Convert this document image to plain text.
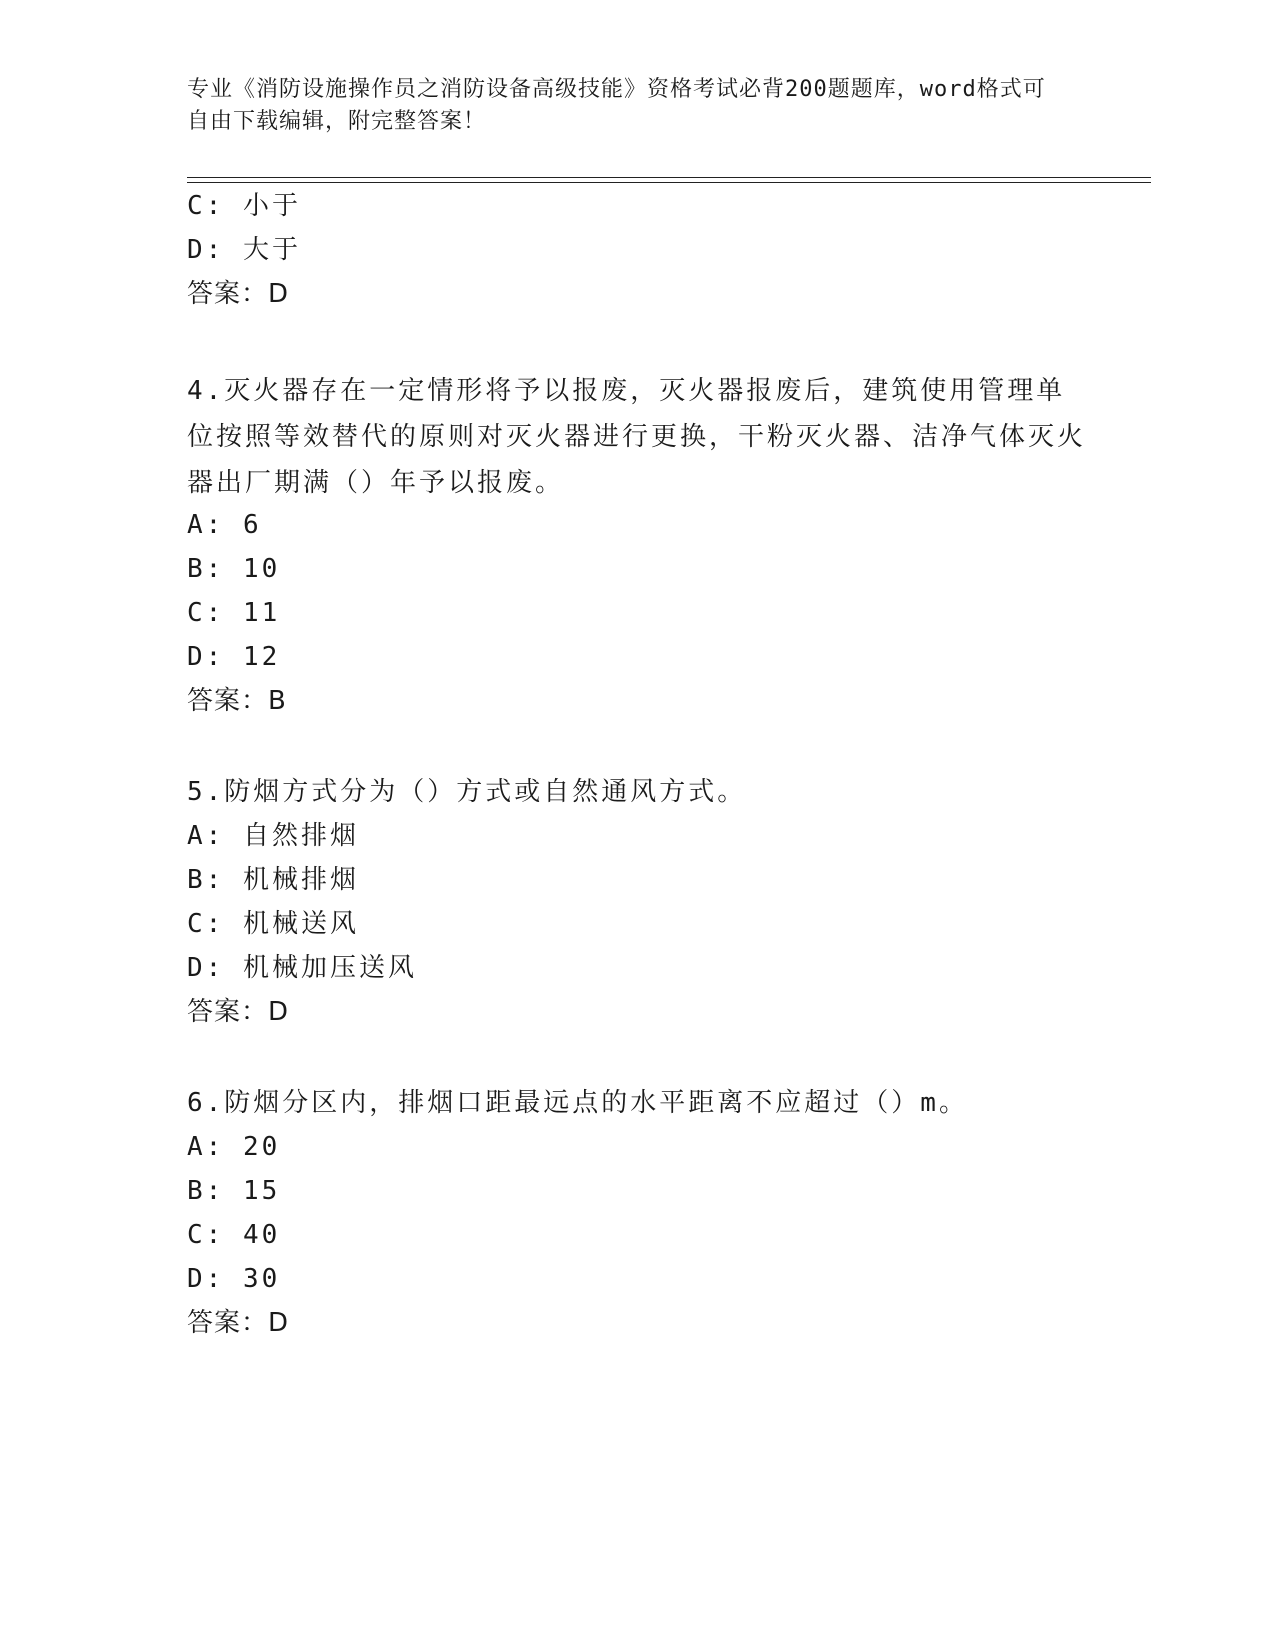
专业《消防设施操作员之消防设备高级技能》资格考试必背200题题库，word格式可自由下载编辑，附完整答案！
C: 小于
D: 大于
答案：D
4.灭火器存在一定情形将予以报废，灭火器报废后，建筑使用管理单位按照等效替代的原则对灭火器进行更换，干粉灭火器、洁净气体灭火器出厂期满（）年予以报废。
A: 6
B: 10
C: 11
D: 12
答案：B
5.防烟方式分为（）方式或自然通风方式。
A: 自然排烟
B: 机械排烟
C: 机械送风
D: 机械加压送风
答案：D
6.防烟分区内，排烟口距最远点的水平距离不应超过（）m。
A: 20
B: 15
C: 40
D: 30
答案：D
